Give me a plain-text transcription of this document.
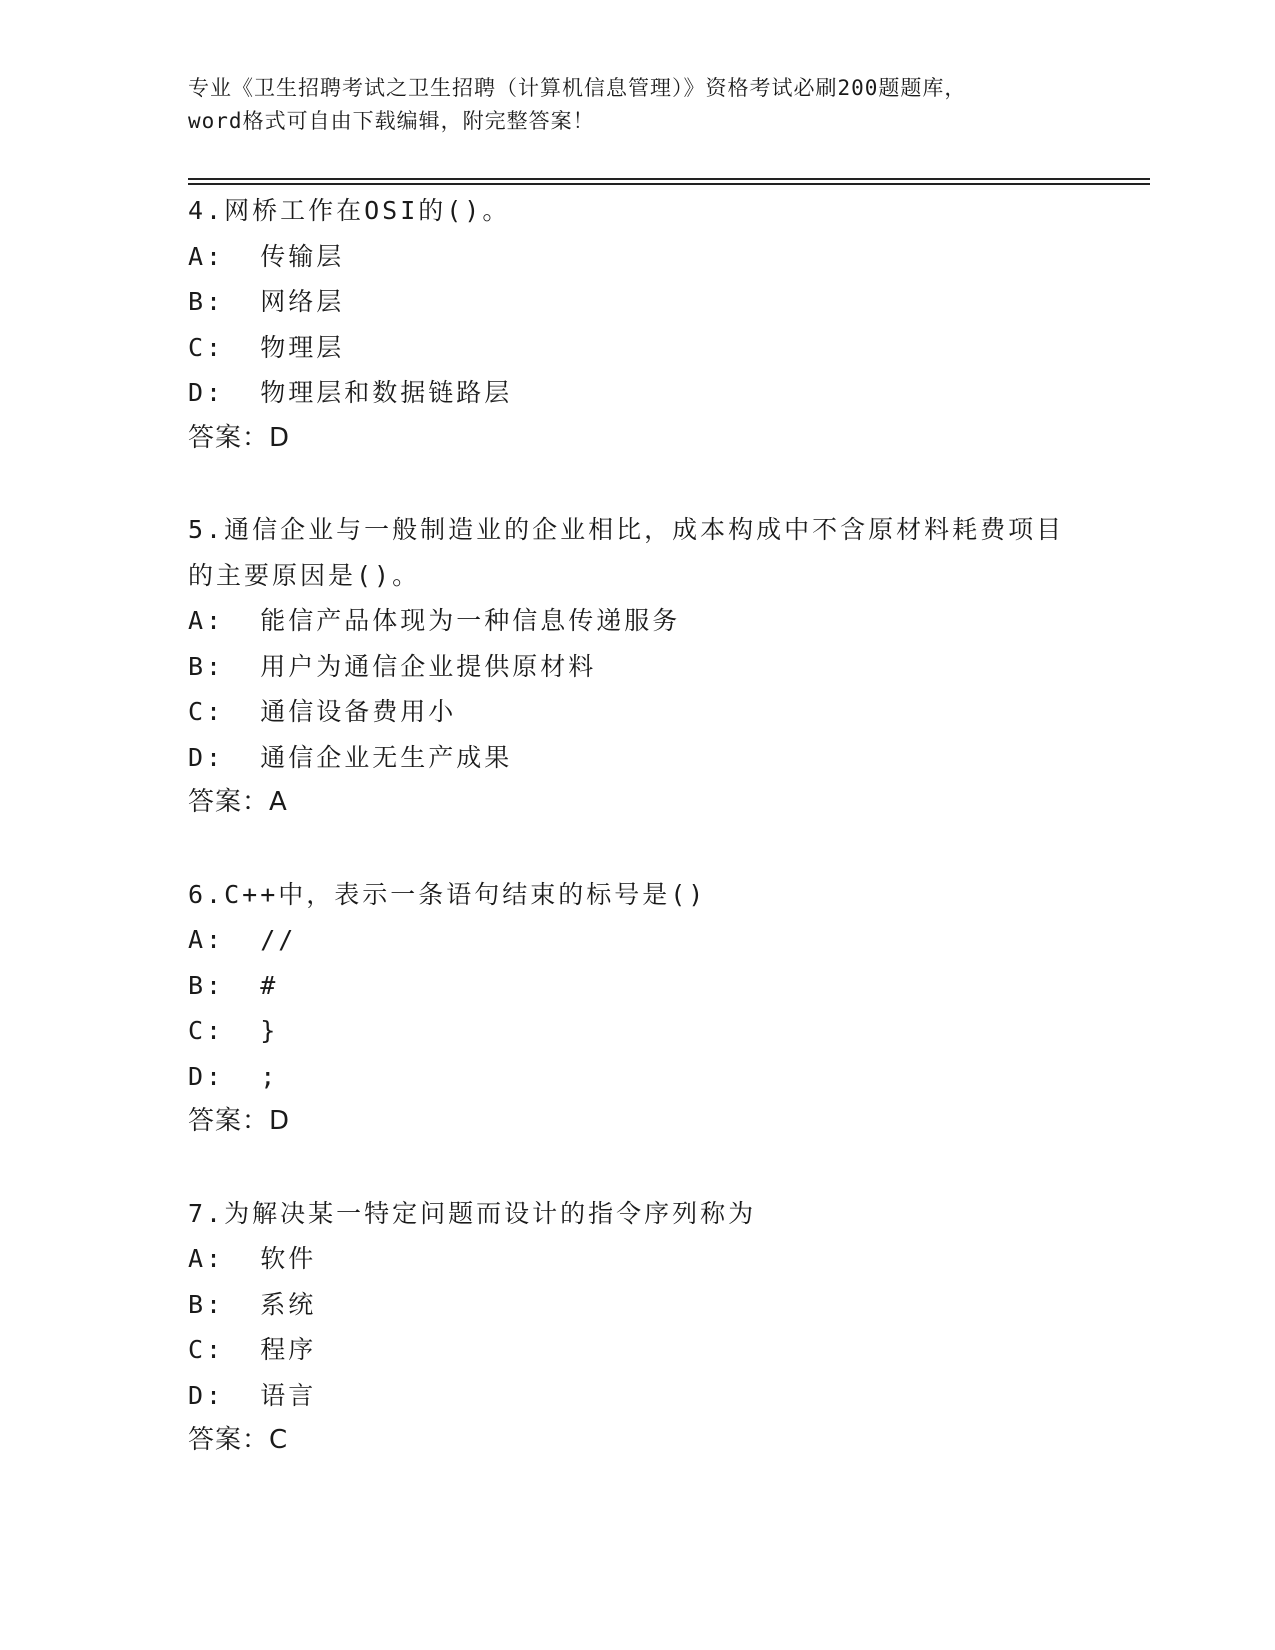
专业《卫生招聘考试之卫生招聘（计算机信息管理）》资格考试必刷200题题库，
word格式可自由下载编辑，附完整答案！

4.网桥工作在OSI的()。

A:  传输层

B:  网络层

C:  物理层

D:  物理层和数据链路层

答案：D

5.通信企业与一般制造业的企业相比，成本构成中不含原材料耗费项目的主要原因是()。

A:  能信产品体现为一种信息传递服务

B:  用户为通信企业提供原材料

C:  通信设备费用小

D:  通信企业无生产成果

答案：A

6.C++中，表示一条语句结束的标号是()

A:  //

B:  #

C:  }

D:  ;

答案：D

7.为解决某一特定问题而设计的指令序列称为

A:  软件

B:  系统

C:  程序

D:  语言

答案：C
